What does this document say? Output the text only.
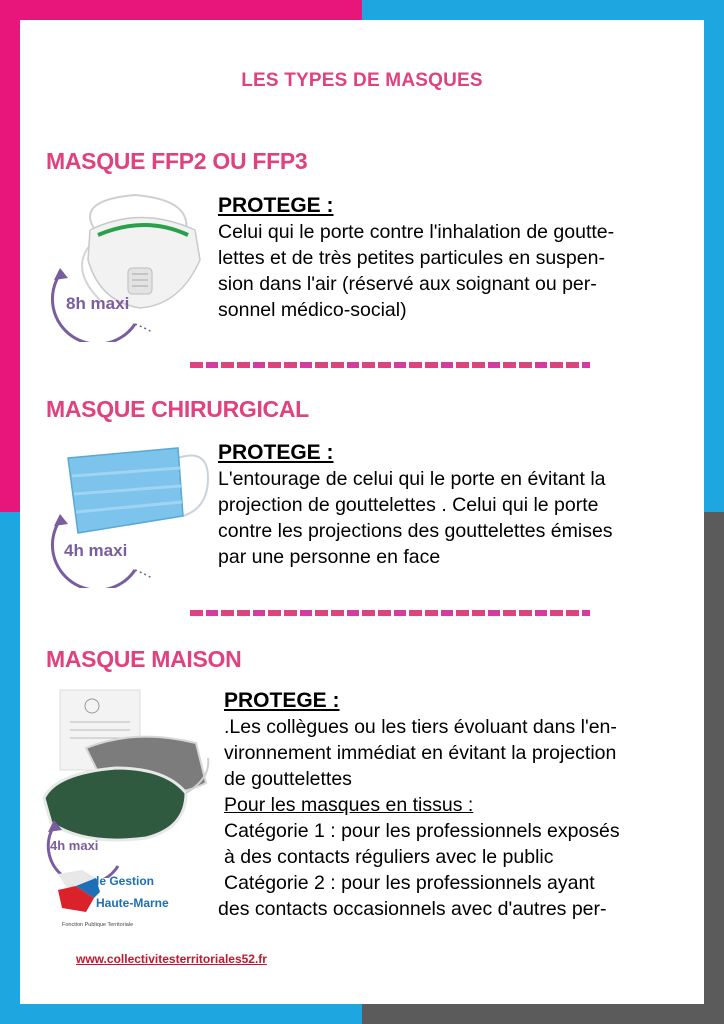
LES TYPES DE MASQUES
MASQUE FFP2 OU FFP3
8h maxi
PROTEGE :
Celui qui le porte contre l'inhalation de goutte-
lettes et de très petites particules en suspen-
sion dans l'air (réservé aux soignant ou per-
sonnel médico-social)
MASQUE CHIRURGICAL
4h maxi
PROTEGE :
L'entourage de celui qui le porte en évitant la
projection de gouttelettes . Celui qui le porte
contre les projections des gouttelettes émises
par une personne en face
MASQUE MAISON
4h maxi
PROTEGE :
.Les collègues ou les tiers évoluant dans l'en-
vironnement immédiat en évitant la projection
de gouttelettes
Pour les masques en tissus :
Catégorie 1 : pour les professionnels exposés
à des contacts réguliers avec le public
Catégorie 2 : pour les professionnels ayant
des contacts occasionnels avec d'autres per-
de Gestion
Haute-Marne
Fonction Publique Territoriale
www.collectivitesterritoriales52.fr
